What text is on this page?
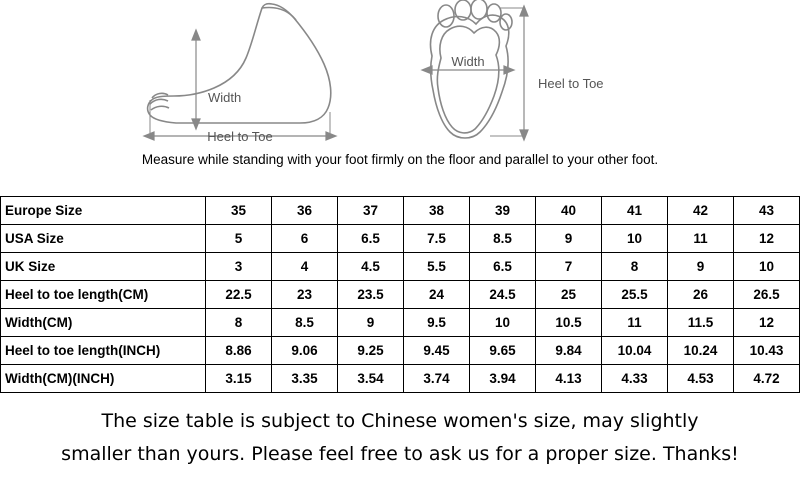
Width
Heel to Toe
Width
Heel to Toe
Measure while standing with your foot firmly on the floor and parallel to your other foot.
Europe Size	35	36	37	38	39	40	41	42	43
USA Size	5	6	6.5	7.5	8.5	9	10	11	12
UK Size	3	4	4.5	5.5	6.5	7	8	9	10
Heel to toe length(CM)	22.5	23	23.5	24	24.5	25	25.5	26	26.5
Width(CM)	8	8.5	9	9.5	10	10.5	11	11.5	12
Heel to toe length(INCH)	8.86	9.06	9.25	9.45	9.65	9.84	10.04	10.24	10.43
Width(CM)(INCH)	3.15	3.35	3.54	3.74	3.94	4.13	4.33	4.53	4.72
The size table is subject to Chinese women's size, may slightly
smaller than yours. Please feel free to ask us for a proper size. Thanks!
